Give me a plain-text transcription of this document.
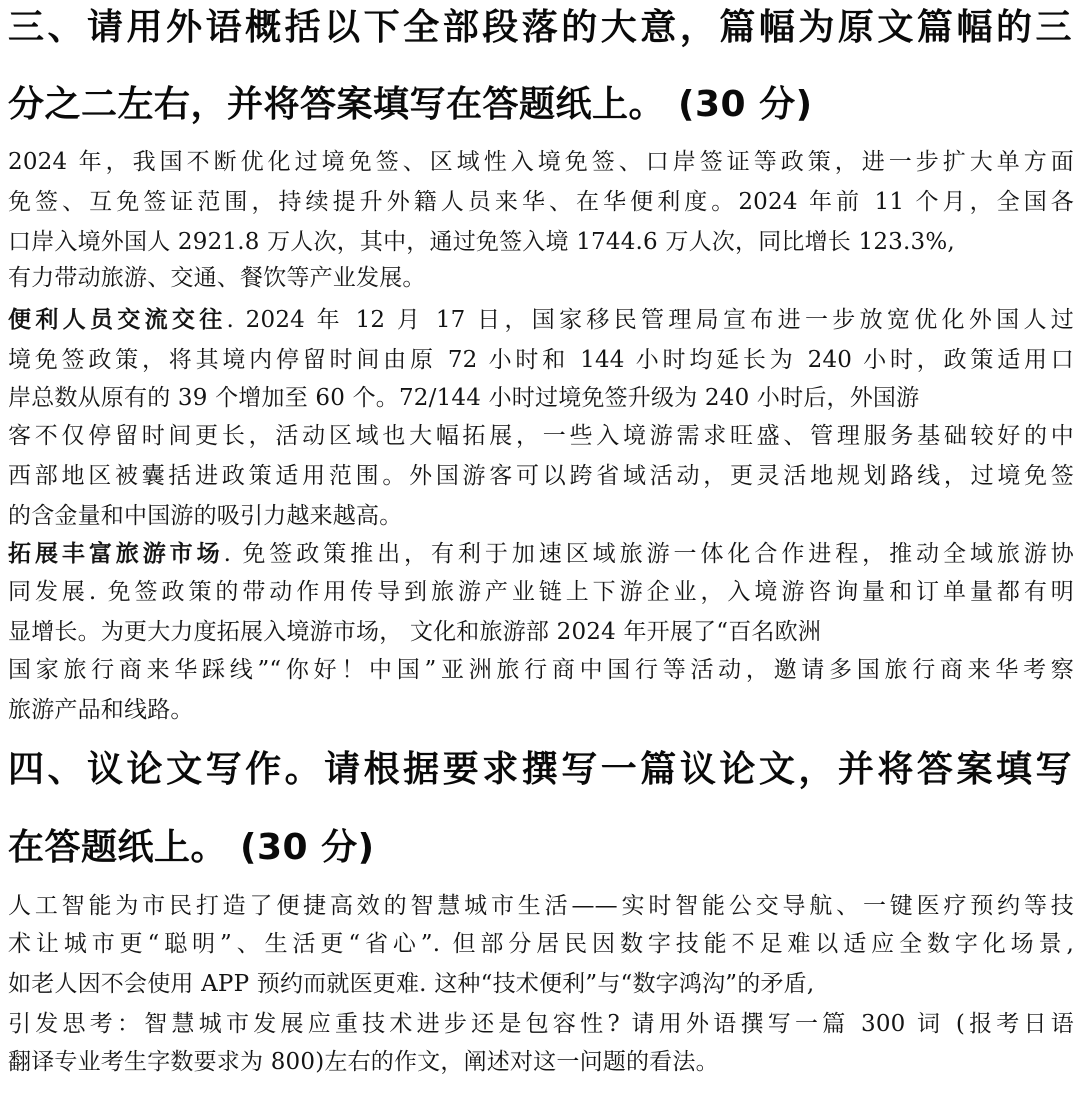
三、请用外语概括以下全部段落的大意，篇幅为原文篇幅的三
分之二左右，并将答案填写在答题纸上。 (30 分)
2024 年，我国不断优化过境免签、区域性入境免签、口岸签证等政策，进一步扩大单方面
免签、互免签证范围，持续提升外籍人员来华、在华便利度。2024 年前 11 个月，全国各
口岸入境外国人 2921.8 万人次，其中，通过免签入境 1744.6 万人次，同比增长 123.3%,
有力带动旅游、交通、餐饮等产业发展。
便利人员交流交往. 2024 年 12 月 17 日，国家移民管理局宣布进一步放宽优化外国人过
境免签政策，将其境内停留时间由原 72 小时和 144 小时均延长为 240 小时，政策适用口
岸总数从原有的 39 个增加至 60 个。72/144 小时过境免签升级为 240 小时后，外国游
客不仅停留时间更长，活动区域也大幅拓展，一些入境游需求旺盛、管理服务基础较好的中
西部地区被囊括进政策适用范围。外国游客可以跨省域活动，更灵活地规划路线，过境免签
的含金量和中国游的吸引力越来越高。
拓展丰富旅游市场. 免签政策推出，有利于加速区域旅游一体化合作进程，推动全域旅游协
同发展. 免签政策的带动作用传导到旅游产业链上下游企业，入境游咨询量和订单量都有明
显增长。为更大力度拓展入境游市场， 文化和旅游部 2024 年开展了“百名欧洲
国家旅行商来华踩线”“你好！中国”亚洲旅行商中国行等活动，邀请多国旅行商来华考察
旅游产品和线路。
四、议论文写作。请根据要求撰写一篇议论文，并将答案填写
在答题纸上。 (30 分)
人工智能为市民打造了便捷高效的智慧城市生活——实时智能公交导航、一键医疗预约等技
术让城市更“聪明”、生活更“省心”. 但部分居民因数字技能不足难以适应全数字化场景,
如老人因不会使用 APP 预约而就医更难. 这种“技术便利”与“数字鸿沟”的矛盾,
引发思考：智慧城市发展应重技术进步还是包容性? 请用外语撰写一篇 300 词 (报考日语
翻译专业考生字数要求为 800)左右的作文，阐述对这一问题的看法。
